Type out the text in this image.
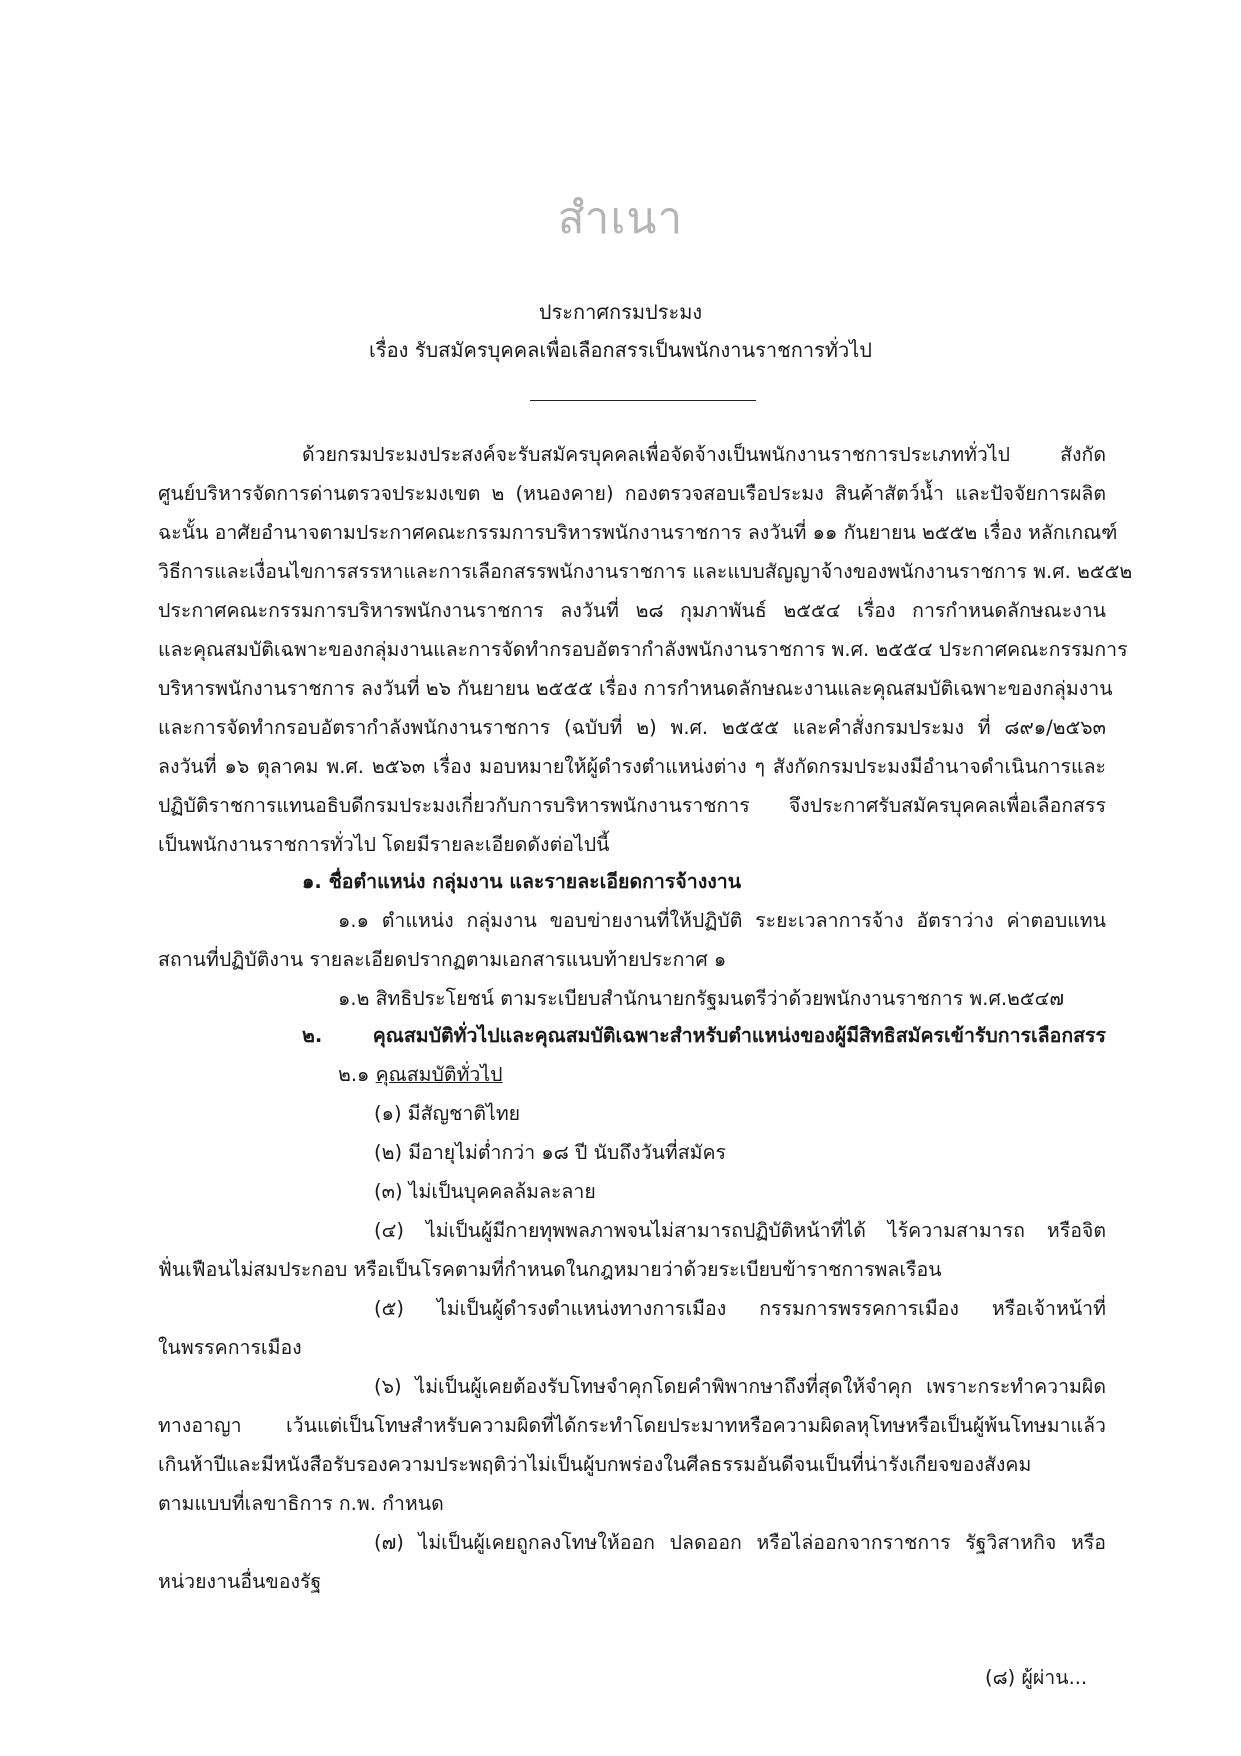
สำเนา
ประกาศกรมประมง
เรื่อง รับสมัครบุคคลเพื่อเลือกสรรเป็นพนักงานราชการทั่วไป
ด้วยกรมประมงประสงค์จะรับสมัครบุคคลเพื่อจัดจ้างเป็นพนักงานราชการประเภททั่วไป สังกัด
ศูนย์บริหารจัดการด่านตรวจประมงเขต ๒ (หนองคาย) กองตรวจสอบเรือประมง สินค้าสัตว์น้ำ และปัจจัยการผลิต
ฉะนั้น อาศัยอำนาจตามประกาศคณะกรรมการบริหารพนักงานราชการ ลงวันที่ ๑๑ กันยายน ๒๕๕๒ เรื่อง หลักเกณฑ์
วิธีการและเงื่อนไขการสรรหาและการเลือกสรรพนักงานราชการ และแบบสัญญาจ้างของพนักงานราชการ พ.ศ. ๒๕๕๒
ประกาศคณะกรรมการบริหารพนักงานราชการ ลงวันที่ ๒๘ กุมภาพันธ์ ๒๕๕๔ เรื่อง การกำหนดลักษณะงาน
และคุณสมบัติเฉพาะของกลุ่มงานและการจัดทำกรอบอัตรากำลังพนักงานราชการ พ.ศ. ๒๕๕๔ ประกาศคณะกรรมการ
บริหารพนักงานราชการ ลงวันที่ ๒๖ กันยายน ๒๕๕๕ เรื่อง การกำหนดลักษณะงานและคุณสมบัติเฉพาะของกลุ่มงาน
และการจัดทำกรอบอัตรากำลังพนักงานราชการ (ฉบับที่ ๒) พ.ศ. ๒๕๕๕ และคำสั่งกรมประมง ที่ ๘๙๑/๒๕๖๓
ลงวันที่ ๑๖ ตุลาคม พ.ศ. ๒๕๖๓ เรื่อง มอบหมายให้ผู้ดำรงตำแหน่งต่าง ๆ สังกัดกรมประมงมีอำนาจดำเนินการและ
ปฏิบัติราชการแทนอธิบดีกรมประมงเกี่ยวกับการบริหารพนักงานราชการ จึงประกาศรับสมัครบุคคลเพื่อเลือกสรร
เป็นพนักงานราชการทั่วไป โดยมีรายละเอียดดังต่อไปนี้
๑. ชื่อตำแหน่ง กลุ่มงาน และรายละเอียดการจ้างงาน
๑.๑ ตำแหน่ง กลุ่มงาน ขอบข่ายงานที่ให้ปฏิบัติ ระยะเวลาการจ้าง อัตราว่าง ค่าตอบแทน
สถานที่ปฏิบัติงาน รายละเอียดปรากฏตามเอกสารแนบท้ายประกาศ ๑
๑.๒ สิทธิประโยชน์ ตามระเบียบสำนักนายกรัฐมนตรีว่าด้วยพนักงานราชการ พ.ศ.๒๕๔๗
๒. คุณสมบัติทั่วไปและคุณสมบัติเฉพาะสำหรับตำแหน่งของผู้มีสิทธิสมัครเข้ารับการเลือกสรร
๒.๑ คุณสมบัติทั่วไป
(๑) มีสัญชาติไทย
(๒) มีอายุไม่ต่ำกว่า ๑๘ ปี นับถึงวันที่สมัคร
(๓) ไม่เป็นบุคคลล้มละลาย
(๔) ไม่เป็นผู้มีกายทุพพลภาพจนไม่สามารถปฏิบัติหน้าที่ได้ ไร้ความสามารถ หรือจิต
ฟั่นเฟือนไม่สมประกอบ หรือเป็นโรคตามที่กำหนดในกฎหมายว่าด้วยระเบียบข้าราชการพลเรือน
(๕) ไม่เป็นผู้ดำรงตำแหน่งทางการเมือง กรรมการพรรคการเมือง หรือเจ้าหน้าที่
ในพรรคการเมือง
(๖) ไม่เป็นผู้เคยต้องรับโทษจำคุกโดยคำพิพากษาถึงที่สุดให้จำคุก เพราะกระทำความผิด
ทางอาญา เว้นแต่เป็นโทษสำหรับความผิดที่ได้กระทำโดยประมาทหรือความผิดลหุโทษหรือเป็นผู้พ้นโทษมาแล้ว
เกินห้าปีและมีหนังสือรับรองความประพฤติว่าไม่เป็นผู้บกพร่องในศีลธรรมอันดีจนเป็นที่น่ารังเกียจของสังคม
ตามแบบที่เลขาธิการ ก.พ. กำหนด
(๗) ไม่เป็นผู้เคยถูกลงโทษให้ออก ปลดออก หรือไล่ออกจากราชการ รัฐวิสาหกิจ หรือ
หน่วยงานอื่นของรัฐ
(๘) ผู้ผ่าน...
